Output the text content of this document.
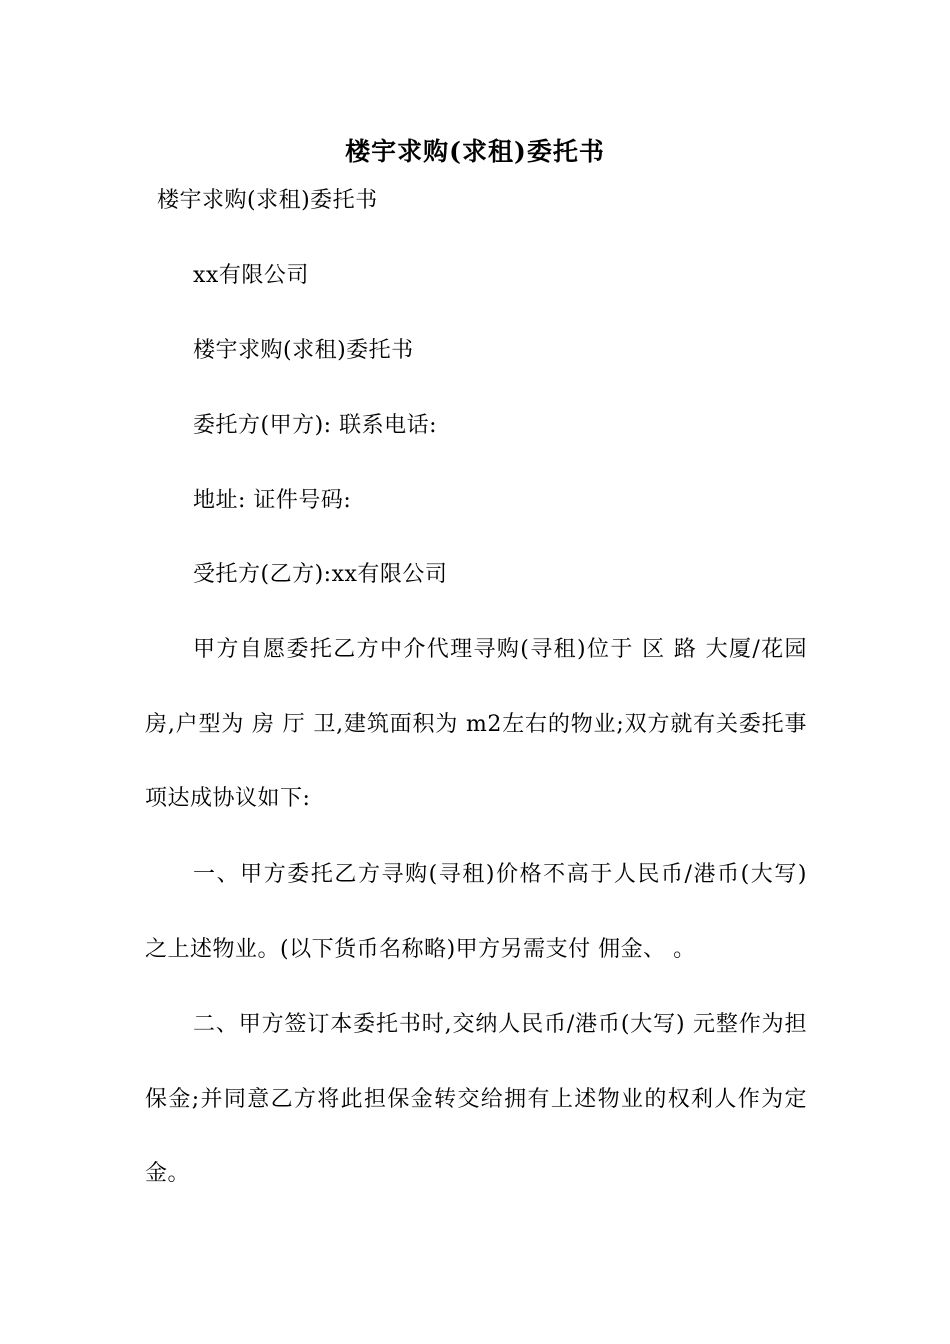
楼宇求购(求租)委托书
楼宇求购(求租)委托书
xx有限公司
楼宇求购(求租)委托书
委托方(甲方): 联系电话:
地址: 证件号码:
受托方(乙方):xx有限公司
甲方自愿委托乙方中介代理寻购(寻租)位于 区 路 大厦/花园 房,户型为 房 厅 卫,建筑面积为 m2左右的物业;双方就有关委托事项达成协议如下:
一、甲方委托乙方寻购(寻租)价格不高于人民币/港币(大写) 之上述物业。(以下货币名称略)甲方另需支付 佣金、 。
二、甲方签订本委托书时,交纳人民币/港币(大写) 元整作为担保金;并同意乙方将此担保金转交给拥有上述物业的权利人作为定金。
